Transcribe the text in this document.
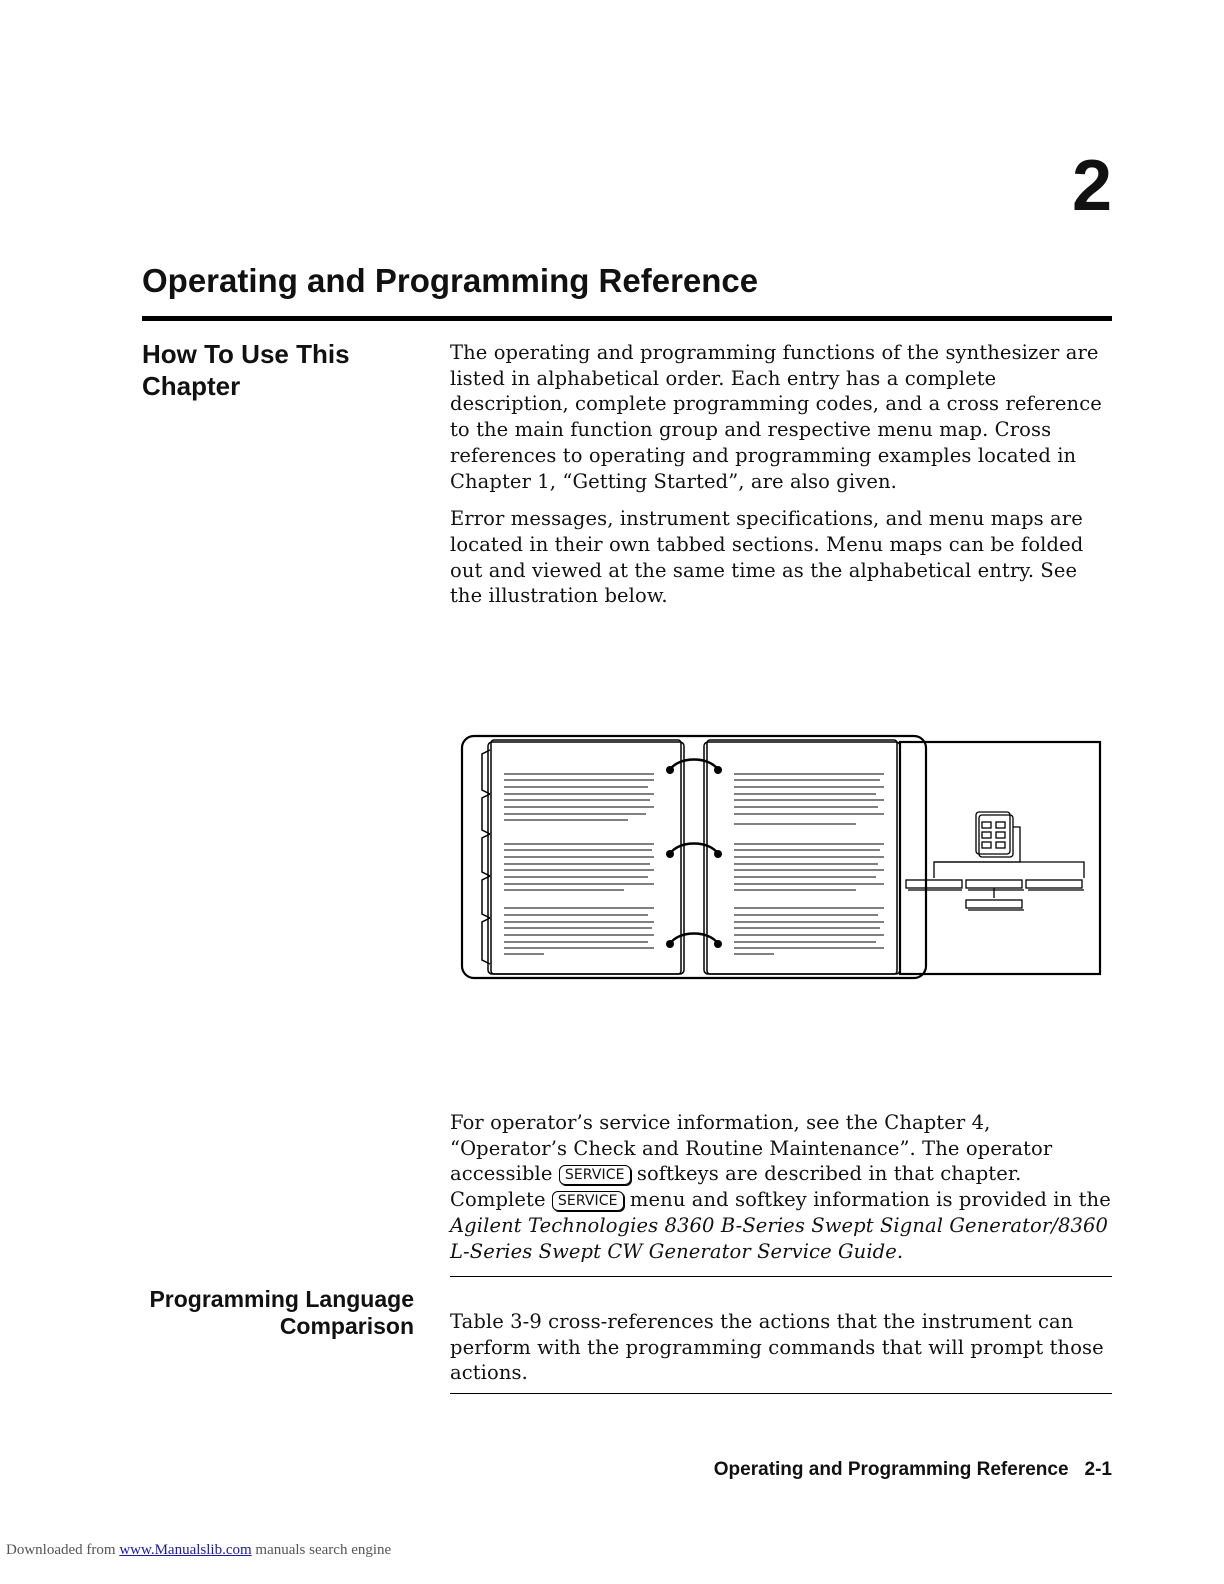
2
Operating and Programming Reference
How To Use This
Chapter

The operating and programming functions of the synthesizer are listed in alphabetical order. Each entry has a complete description, complete programming codes, and a cross reference to the main function group and respective menu map. Cross references to operating and programming examples located in Chapter 1, “Getting Started”, are also given.

Error messages, instrument specifications, and menu maps are located in their own tabbed sections. Menu maps can be folded out and viewed at the same time as the alphabetical entry. See the illustration below.

For operator’s service information, see the Chapter 4, “Operator’s Check and Routine Maintenance”. The operator accessible SERVICE softkeys are described in that chapter. Complete SERVICE menu and softkey information is provided in the Agilent Technologies 8360 B-Series Swept Signal Generator/8360 L-Series Swept CW Generator Service Guide.

Programming Language
Comparison Table 3-9 cross-references the actions that the instrument can perform with the programming commands that will prompt those actions.

Operating and Programming Reference 2-1
Downloaded from www.Manualslib.com manuals search engine
